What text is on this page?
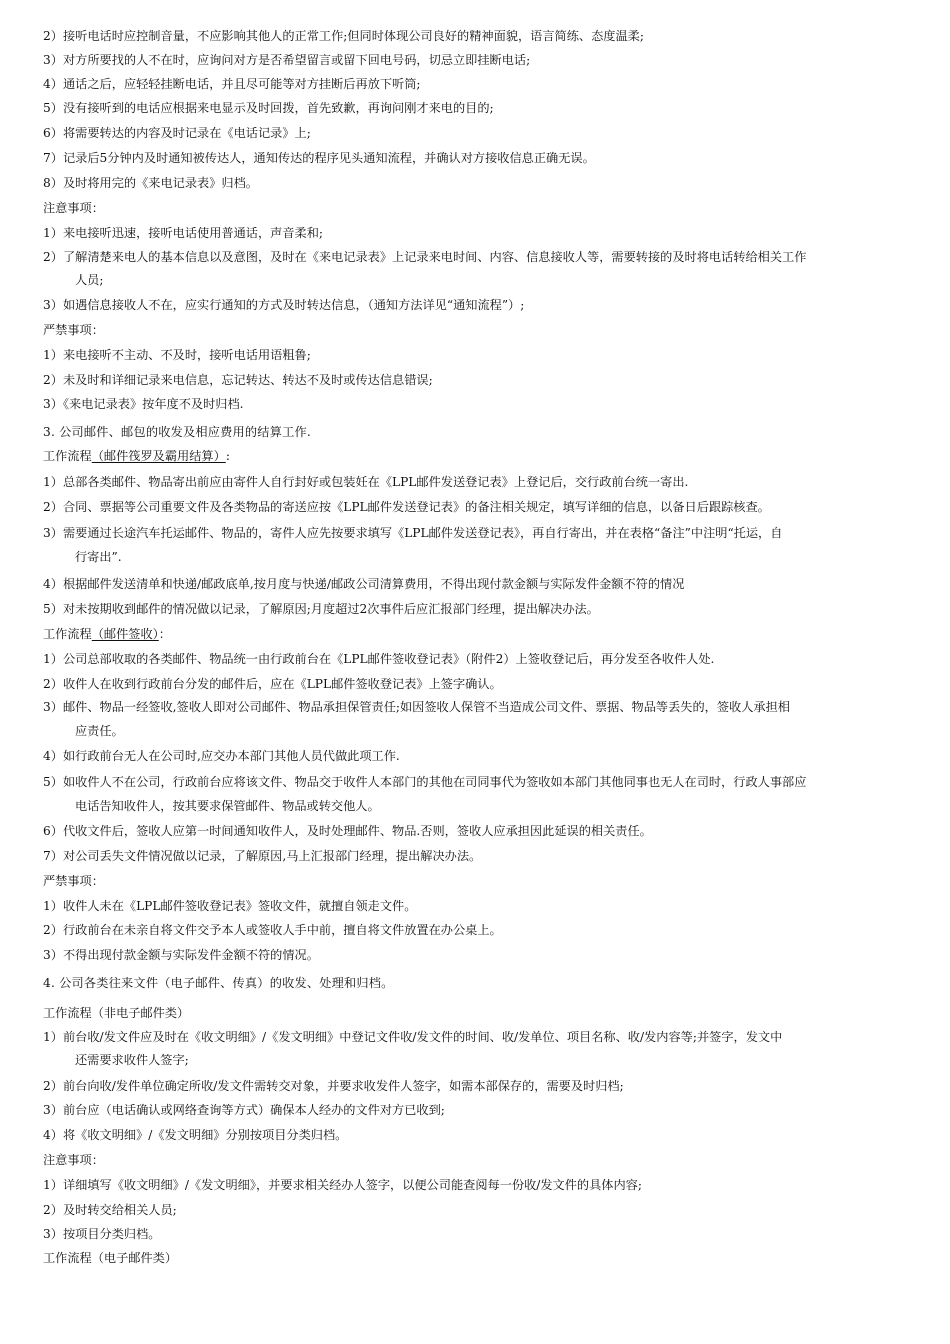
2）接听电话时应控制音量，不应影响其他人的正常工作;但同时体现公司良好的精神面貌，语言简练、态度温柔;
3）对方所要找的人不在时，应询问对方是否希望留言或留下回电号码，切忌立即挂断电话;
4）通话之后，应轻轻挂断电话，并且尽可能等对方挂断后再放下听筒;
5）没有接听到的电话应根据来电显示及时回拨，首先致歉，再询问刚才来电的目的;
6）将需要转达的内容及时记录在《电话记录》上;
7）记录后5分钟内及时通知被传达人，通知传达的程序见头通知流程，并确认对方接收信息正确无误。
8）及时将用完的《来电记录表》归档。
注意事项：
1）来电接听迅速，接听电话使用普通话，声音柔和;
2）了解清楚来电人的基本信息以及意图，及时在《来电记录表》上记录来电时间、内容、信息接收人等，需要转接的及时将电话转给相关工作
人员;
3）如遇信息接收人不在，应实行通知的方式及时转达信息，（通知方法详见“通知流程”）;
严禁事项：
1）来电接听不主动、不及时，接听电话用语粗鲁;
2）未及时和详细记录来电信息，忘记转达、转达不及时或传达信息错误;
3）《来电记录表》按年度不及时归档.
3. 公司邮件、邮包的收发及相应费用的结算工作.
工作流程（邮件筏罗及霸用结算）:
1）总部各类邮件、物品寄出前应由寄件人自行封好或包装妊在《LPL邮件发送登记表》上登记后，交行政前台统一寄出.
2）合同、票据等公司重要文件及各类物品的寄送应按《LPL邮件发送登记表》的备注相关规定，填写详细的信息，以备日后跟踪核查。
3）需要通过长途汽车托运邮件、物品的，寄件人应先按要求填写《LPL邮件发送登记表》，再自行寄出，并在表格“备注”中注明“托运，自
行寄出”.
4）根据邮件发送清单和快递/邮政底单,按月度与快递/邮政公司清算费用，不得出现付款金额与实际发件金额不符的情况
5）对未按期收到邮件的情况做以记录，了解原因;月度超过2次事件后应汇报部门经理，提出解决办法。
工作流程（邮件签收）：
1）公司总部收取的各类邮件、物品统一由行政前台在《LPL邮件签收登记表》（附件2）上签收登记后，再分发至各收件人处.
2）收件人在收到行政前台分发的邮件后，应在《LPL邮件签收登记表》上签字确认。
3）邮件、物品一经签收,签收人即对公司邮件、物品承担保管责任;如因签收人保管不当造成公司文件、票据、物品等丢失的，签收人承担相
应责任。
4）如行政前台无人在公司时,应交办本部门其他人员代做此项工作.
5）如收件人不在公司，行政前台应将该文件、物品交于收件人本部门的其他在司同事代为签收如本部门其他同事也无人在司时，行政人事部应
电话告知收件人，按其要求保管邮件、物品或转交他人。
6）代收文件后，签收人应第一时间通知收件人，及时处理邮件、物品.否则，签收人应承担因此延误的相关责任。
7）对公司丢失文件情况做以记录，了解原因,马上汇报部门经理，提出解决办法。
严禁事项：
1）收件人未在《LPL邮件签收登记表》签收文件，就擅自领走文件。
2）行政前台在未亲自将文件交予本人或签收人手中前，擅自将文件放置在办公桌上。
3）不得出现付款金额与实际发件金额不符的情况。
4. 公司各类往来文件（电子邮件、传真）的收发、处理和归档。
工作流程（非电子邮件类）
1）前台收/发文件应及时在《收文明细》/《发文明细》中登记文件收/发文件的时间、收/发单位、项目名称、收/发内容等;并签字，发文中
还需要求收件人签字;
2）前台向收/发件单位确定所收/发文件需转交对象，并要求收发件人签字，如需本部保存的，需要及时归档;
3）前台应（电话确认或网络查询等方式）确保本人经办的文件对方已收到;
4）将《收文明细》/《发文明细》分别按项目分类归档。
注意事项：
1）详细填写《收文明细》/《发文明细》，并要求相关经办人签字，以便公司能查阅每一份收/发文件的具体内容;
2）及时转交给相关人员;
3）按项目分类归档。
工作流程（电子邮件类）
